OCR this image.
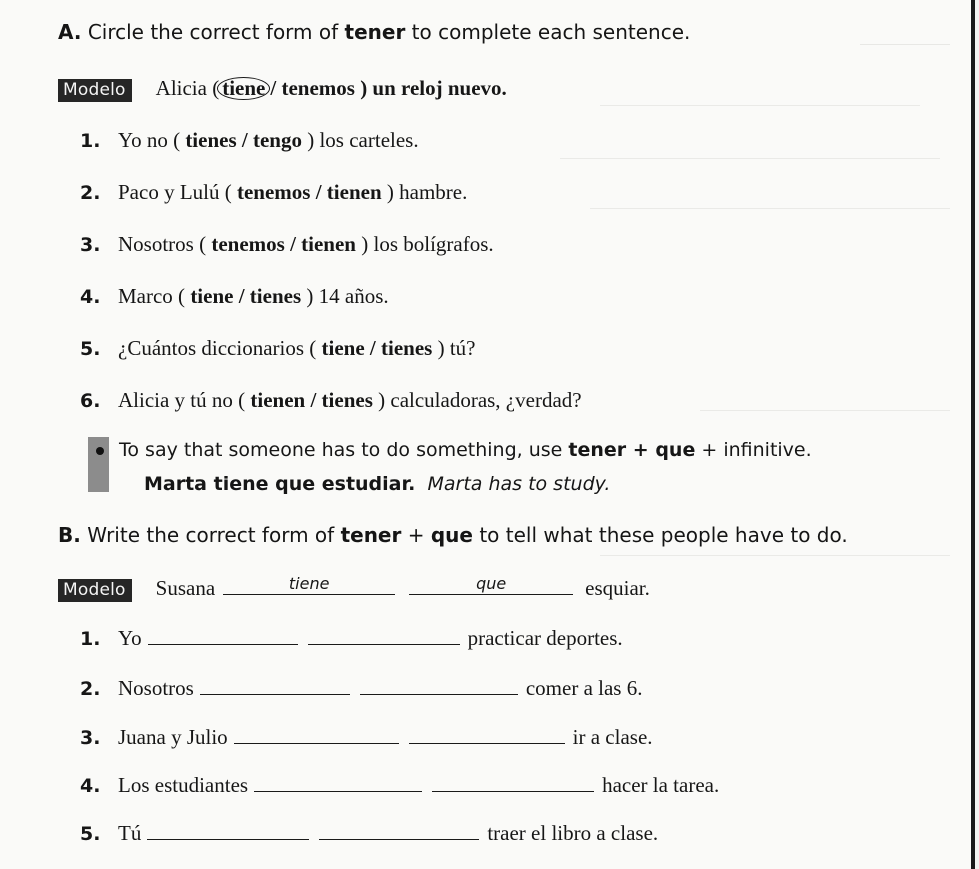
A. Circle the correct form of tener to complete each sentence.
Modelo Alicia ( tiene / tenemos ) un reloj nuevo.
1. Yo no ( tienes / tengo ) los carteles.
2. Paco y Lulú ( tenemos / tienen ) hambre.
3. Nosotros ( tenemos / tienen ) los bolígrafos.
4. Marco ( tiene / tienes ) 14 años.
5. ¿Cuántos diccionarios ( tiene / tienes ) tú?
6. Alicia y tú no ( tienen / tienes ) calculadoras, ¿verdad?
To say that someone has to do something, use tener + que + infinitive.
Marta tiene que estudiar. Marta has to study.
B. Write the correct form of tener + que to tell what these people have to do.
Modelo Susana	tiene
	que	esquiar.
1. Yo	practicar deportes.
2. Nosotros	comer a las 6.
3. Juana y Julio	ir a clase.
4. Los estudiantes	hacer la tarea.
5. Tú	traer el libro a clase.
